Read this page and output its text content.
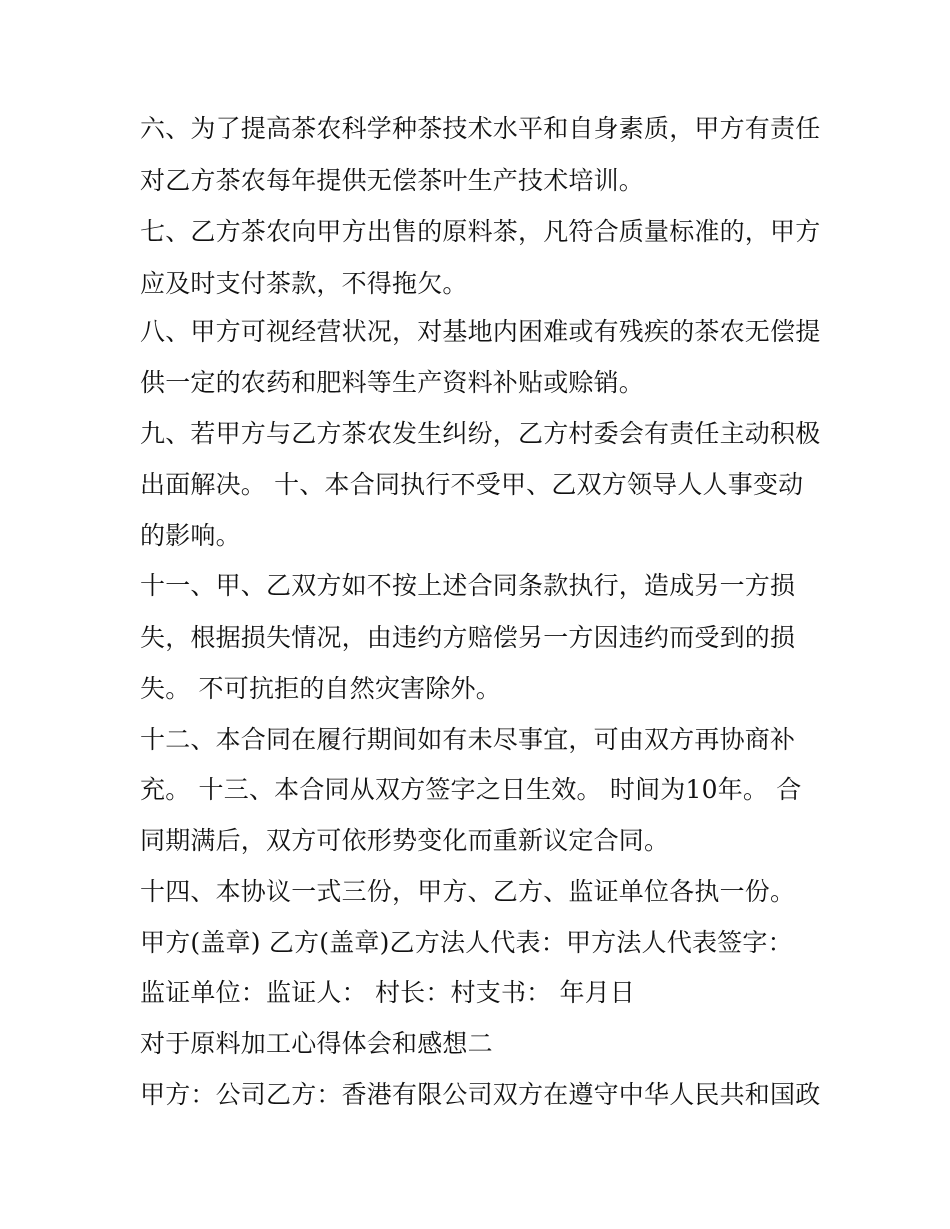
六、为了提高茶农科学种茶技术水平和自身素质，甲方有责任
对乙方茶农每年提供无偿茶叶生产技术培训。
七、乙方茶农向甲方出售的原料茶，凡符合质量标准的，甲方
应及时支付茶款，不得拖欠。
八、甲方可视经营状况，对基地内困难或有残疾的茶农无偿提
供一定的农药和肥料等生产资料补贴或赊销。
九、若甲方与乙方茶农发生纠纷，乙方村委会有责任主动积极
出面解决。 十、本合同执行不受甲、乙双方领导人人事变动
的影响。
十一、甲、乙双方如不按上述合同条款执行，造成另一方损
失，根据损失情况，由违约方赔偿另一方因违约而受到的损
失。 不可抗拒的自然灾害除外。
十二、本合同在履行期间如有未尽事宜，可由双方再协商补
充。 十三、本合同从双方签字之日生效。 时间为10年。 合
同期满后，双方可依形势变化而重新议定合同。
十四、本协议一式三份，甲方、乙方、监证单位各执一份。
甲方(盖章) 乙方(盖章)乙方法人代表：甲方法人代表签字：
监证单位：监证人： 村长：村支书： 年月日
对于原料加工心得体会和感想二
甲方：公司乙方：香港有限公司双方在遵守中华人民共和国政
